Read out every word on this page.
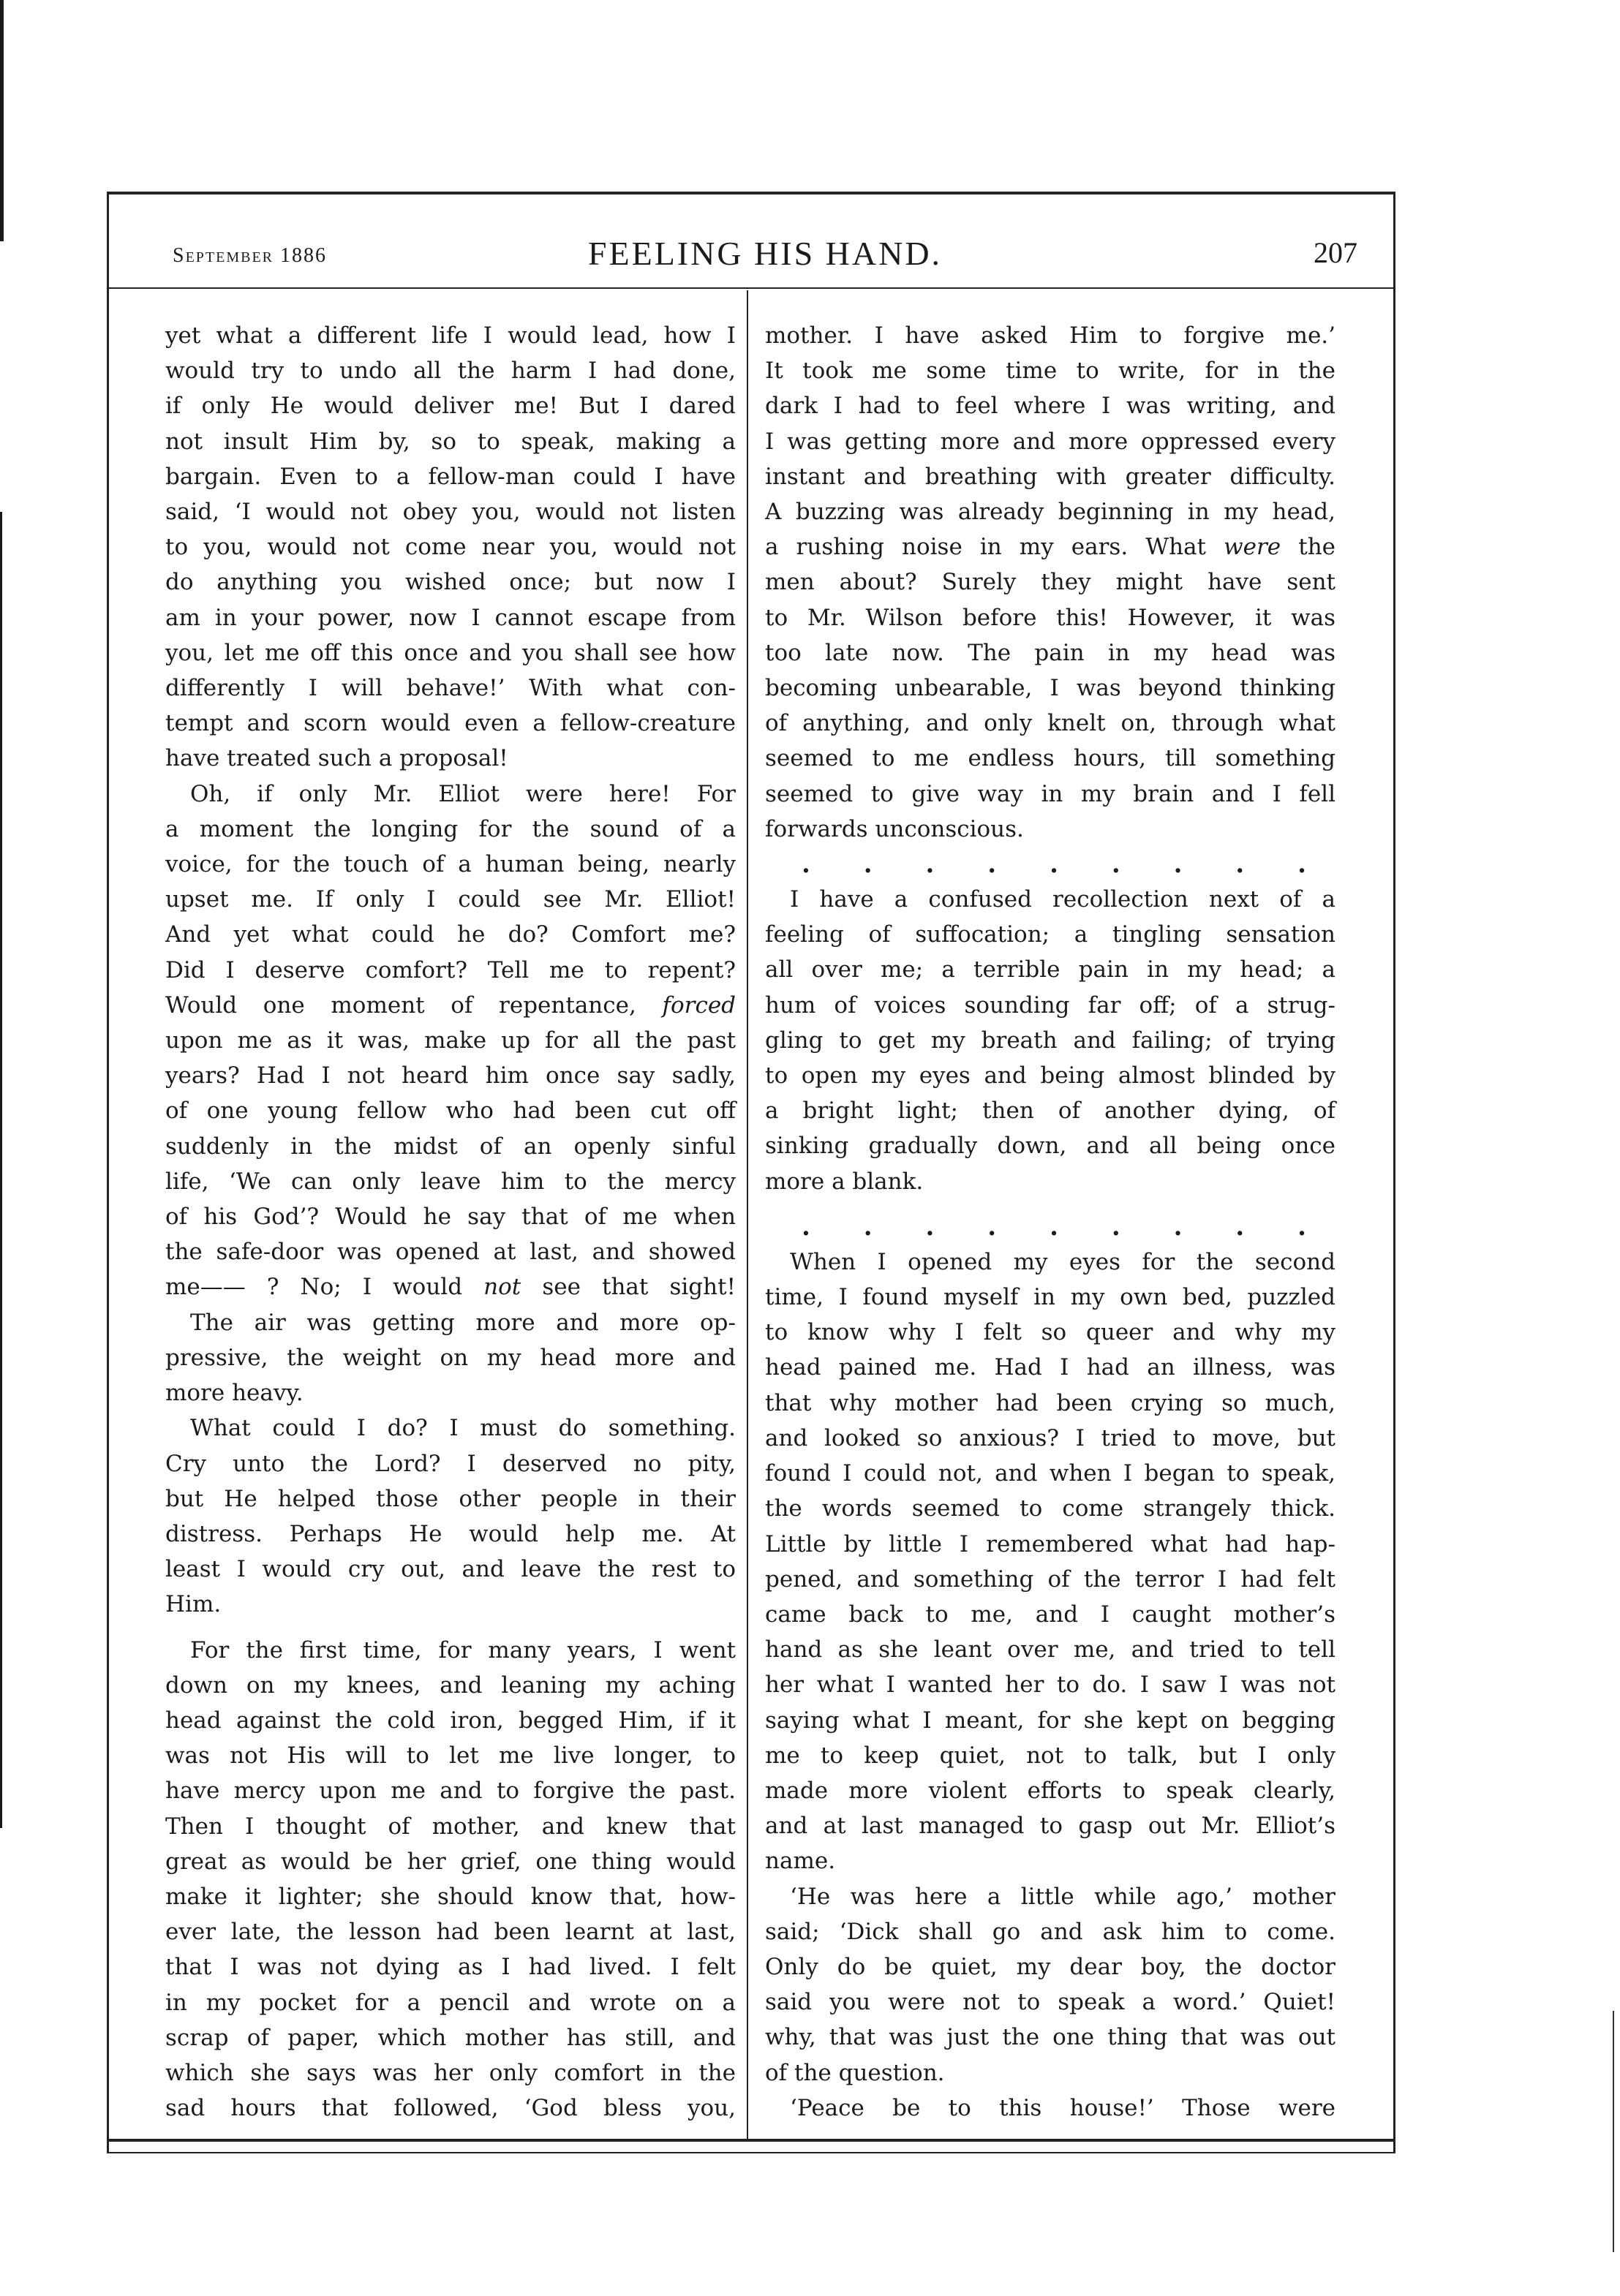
September 1886	FEELING HIS HAND.	207

yet what a different life I would lead, how I
would try to undo all the harm I had done,
if only He would deliver me! But I dared
not insult Him by, so to speak, making a
bargain. Even to a fellow-man could I have
said, ‘I would not obey you, would not listen
to you, would not come near you, would not
do anything you wished once; but now I
am in your power, now I cannot escape from
you, let me off this once and you shall see how
differently I will behave!’ With what con-
tempt and scorn would even a fellow-creature
have treated such a proposal!

Oh, if only Mr. Elliot were here! For
a moment the longing for the sound of a
voice, for the touch of a human being, nearly
upset me. If only I could see Mr. Elliot!
And yet what could he do? Comfort me?
Did I deserve comfort? Tell me to repent?
Would one moment of repentance, forced
upon me as it was, make up for all the past
years? Had I not heard him once say sadly,
of one young fellow who had been cut off
suddenly in the midst of an openly sinful
life, ‘We can only leave him to the mercy
of his God’? Would he say that of me when
the safe-door was opened at last, and showed
me—— ? No; I would not see that sight!

The air was getting more and more op-
pressive, the weight on my head more and
more heavy.

What could I do? I must do something.
Cry unto the Lord? I deserved no pity,
but He helped those other people in their
distress. Perhaps He would help me. At
least I would cry out, and leave the rest to
Him.

For the first time, for many years, I went
down on my knees, and leaning my aching
head against the cold iron, begged Him, if it
was not His will to let me live longer, to
have mercy upon me and to forgive the past.
Then I thought of mother, and knew that
great as would be her grief, one thing would
make it lighter; she should know that, how-
ever late, the lesson had been learnt at last,
that I was not dying as I had lived. I felt
in my pocket for a pencil and wrote on a
scrap of paper, which mother has still, and
which she says was her only comfort in the
sad hours that followed, ‘God bless you,

mother. I have asked Him to forgive me.’
It took me some time to write, for in the
dark I had to feel where I was writing, and
I was getting more and more oppressed every
instant and breathing with greater difficulty.
A buzzing was already beginning in my head,
a rushing noise in my ears. What were the
men about? Surely they might have sent
to Mr. Wilson before this! However, it was
too late now. The pain in my head was
becoming unbearable, I was beyond thinking
of anything, and only knelt on, through what
seemed to me endless hours, till something
seemed to give way in my brain and I fell
forwards unconscious.

. . . . . . . . .

I have a confused recollection next of a
feeling of suffocation; a tingling sensation
all over me; a terrible pain in my head; a
hum of voices sounding far off; of a strug-
gling to get my breath and failing; of trying
to open my eyes and being almost blinded by
a bright light; then of another dying, of
sinking gradually down, and all being once
more a blank.

. . . . . . . . .

When I opened my eyes for the second
time, I found myself in my own bed, puzzled
to know why I felt so queer and why my
head pained me. Had I had an illness, was
that why mother had been crying so much,
and looked so anxious? I tried to move, but
found I could not, and when I began to speak,
the words seemed to come strangely thick.
Little by little I remembered what had hap-
pened, and something of the terror I had felt
came back to me, and I caught mother’s
hand as she leant over me, and tried to tell
her what I wanted her to do. I saw I was not
saying what I meant, for she kept on begging
me to keep quiet, not to talk, but I only
made more violent efforts to speak clearly,
and at last managed to gasp out Mr. Elliot’s
name.

‘He was here a little while ago,’ mother
said; ‘Dick shall go and ask him to come.
Only do be quiet, my dear boy, the doctor
said you were not to speak a word.’ Quiet!
why, that was just the one thing that was out
of the question.

‘Peace be to this house!’ Those were
